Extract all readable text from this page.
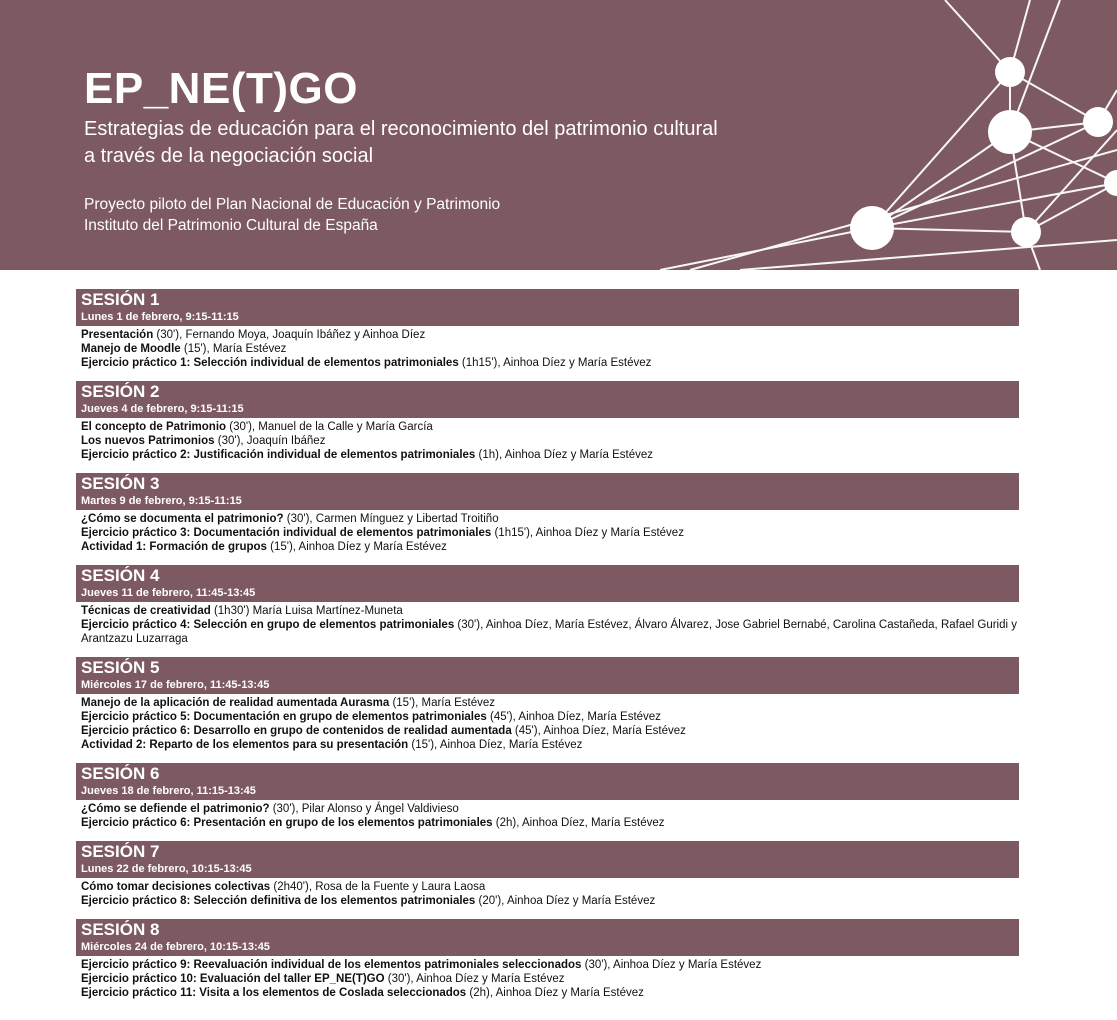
EP_NE(T)GO
Estrategias de educación para el reconocimiento del patrimonio cultural
a través de la negociación social
Proyecto piloto del Plan Nacional de Educación y Patrimonio
Instituto del Patrimonio Cultural de España
SESIÓN 1
Lunes 1 de febrero, 9:15-11:15
Presentación (30'), Fernando Moya, Joaquín Ibáñez y Ainhoa Díez
Manejo de Moodle (15'), María Estévez
Ejercicio práctico 1: Selección individual de elementos patrimoniales (1h15'), Ainhoa Díez y María Estévez
SESIÓN 2
Jueves 4 de febrero, 9:15-11:15
El concepto de Patrimonio (30'), Manuel de la Calle y María García
Los nuevos Patrimonios (30'), Joaquín Ibáñez
Ejercicio práctico 2: Justificación individual de elementos patrimoniales (1h), Ainhoa Díez y María Estévez
SESIÓN 3
Martes 9 de febrero, 9:15-11:15
¿Cómo se documenta el patrimonio? (30'), Carmen Mínguez y Libertad Troitiño
Ejercicio práctico 3: Documentación individual de elementos patrimoniales (1h15'), Ainhoa Díez y María Estévez
Actividad 1: Formación de grupos (15'), Ainhoa Díez y María Estévez
SESIÓN 4
Jueves 11 de febrero, 11:45-13:45
Técnicas de creatividad (1h30') María Luisa Martínez-Muneta
Ejercicio práctico 4: Selección en grupo de elementos patrimoniales (30'), Ainhoa Díez, María Estévez, Álvaro Álvarez, Jose Gabriel Bernabé, Carolina Castañeda, Rafael Guridi y Arantzazu Luzarraga
SESIÓN 5
Miércoles 17 de febrero, 11:45-13:45
Manejo de la aplicación de realidad aumentada Aurasma (15'), María Estévez
Ejercicio práctico 5: Documentación en grupo de elementos patrimoniales (45'), Ainhoa Díez, María Estévez
Ejercicio práctico 6: Desarrollo en grupo de contenidos de realidad aumentada (45'), Ainhoa Díez, María Estévez
Actividad 2: Reparto de los elementos para su presentación (15'), Ainhoa Díez, María Estévez
SESIÓN 6
Jueves 18 de febrero, 11:15-13:45
¿Cómo se defiende el patrimonio? (30'), Pilar Alonso y Ángel Valdivieso
Ejercicio práctico 6: Presentación en grupo de los elementos patrimoniales (2h), Ainhoa Díez, María Estévez
SESIÓN 7
Lunes 22 de febrero, 10:15-13:45
Cómo tomar decisiones colectivas (2h40'), Rosa de la Fuente y Laura Laosa
Ejercicio práctico 8: Selección definitiva de los elementos patrimoniales (20'), Ainhoa Díez y María Estévez
SESIÓN 8
Miércoles 24 de febrero, 10:15-13:45
Ejercicio práctico 9: Reevaluación individual de los elementos patrimoniales seleccionados (30'), Ainhoa Díez y María Estévez
Ejercicio práctico 10: Evaluación del taller EP_NE(T)GO (30'), Ainhoa Díez y María Estévez
Ejercicio práctico 11: Visita a los elementos de Coslada seleccionados (2h), Ainhoa Díez y María Estévez
